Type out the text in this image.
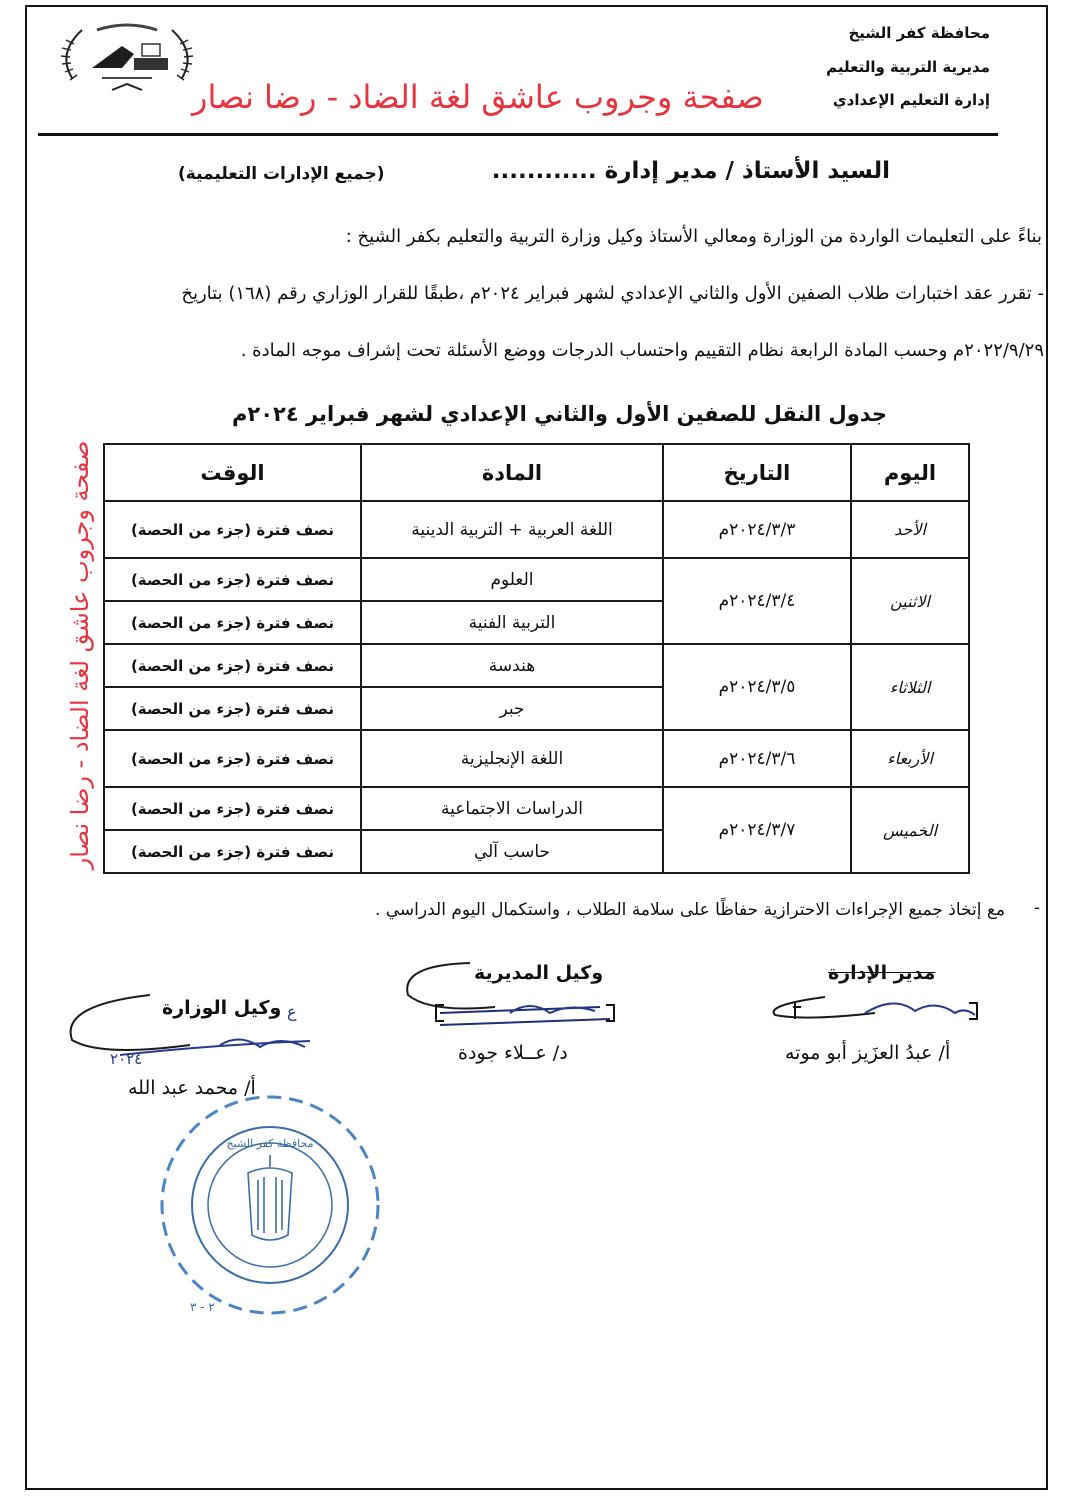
محافظة كفر الشيخ
مديرية التربية والتعليم
إدارة التعليم الإعدادي
صفحة وجروب عاشق لغة الضاد - رضا نصار
السيد الأستاذ / مدير إدارة ............
(جميع الإدارات التعليمية)
بناءً على التعليمات الواردة من الوزارة ومعالي الأستاذ وكيل وزارة التربية والتعليم بكفر الشيخ :
- تقرر عقد اختبارات طلاب الصفين الأول والثاني الإعدادي لشهر فبراير ٢٠٢٤م ،طبقًا للقرار الوزاري رقم (١٦٨) بتاريخ
٢٠٢٢/٩/٢٩م وحسب المادة الرابعة نظام التقييم واحتساب الدرجات ووضع الأسئلة تحت إشراف موجه المادة .
جدول النقل للصفين الأول والثاني الإعدادي لشهر فبراير ٢٠٢٤م
اليوم	التاريخ	المادة	الوقت
الأحد	٢٠٢٤/٣/٣م	اللغة العربية + التربية الدينية	نصف فترة (جزء من الحصة)
الاثنين	٢٠٢٤/٣/٤م	العلوم	نصف فترة (جزء من الحصة)
		التربية الفنية	نصف فترة (جزء من الحصة)
الثلاثاء	٢٠٢٤/٣/٥م	هندسة	نصف فترة (جزء من الحصة)
		جبر	نصف فترة (جزء من الحصة)
الأربعاء	٢٠٢٤/٣/٦م	اللغة الإنجليزية	نصف فترة (جزء من الحصة)
الخميس	٢٠٢٤/٣/٧م	الدراسات الاجتماعية	نصف فترة (جزء من الحصة)
		حاسب آلي	نصف فترة (جزء من الحصة)
صفحة وجروب عاشق لغة الضاد - رضا نصار
-
مع إتخاذ جميع الإجراءات الاحترازية حفاظًا على سلامة الطلاب ، واستكمال اليوم الدراسي .
مدير الإدارة
أ/ عبدُ العزَيز أبو موته
وكيل المديرية
د/ عــلاء جودة
ع
وكيل الوزارة
٢٠٢٤
أ/ محمد عبد الله
محافظة كفر الشيخ
٢ - ٣
